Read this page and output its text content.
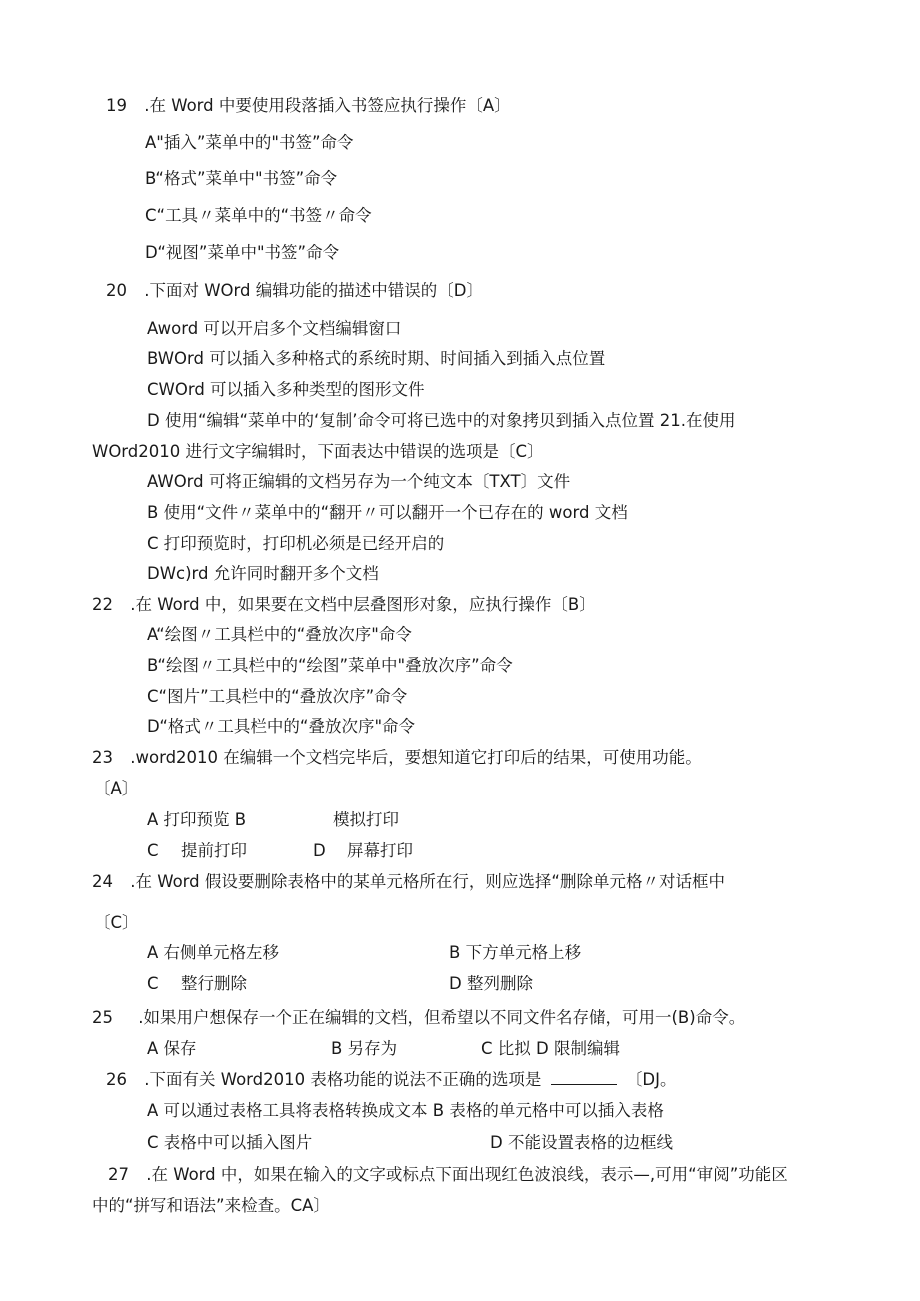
19 .在 Word 中要使用段落插入书签应执行操作〔A〕
A"插入”菜单中的"书签”命令
B“格式”菜单中"书签”命令
C“工具〃菜单中的“书签〃命令
D“视图”菜单中"书签”命令
20 .下面对 WOrd 编辑功能的描述中错误的〔D〕
Aword 可以开启多个文档编辑窗口
BWOrd 可以插入多种格式的系统时期、时间插入到插入点位置
CWOrd 可以插入多种类型的图形文件
D 使用“编辑“菜单中的‘复制’命令可将已选中的对象拷贝到插入点位置 21.在使用
WOrd2010 进行文字编辑时，下面表达中错误的选项是〔C〕
AWOrd 可将正编辑的文档另存为一个纯文本〔TXT〕文件
B 使用“文件〃菜单中的“翻开〃可以翻开一个已存在的 word 文档
C 打印预览时，打印机必须是已经开启的
DWc)rd 允许同时翻开多个文档
22 .在 Word 中，如果要在文档中层叠图形对象，应执行操作〔B〕
A“绘图〃工具栏中的“叠放次序"命令
B“绘图〃工具栏中的“绘图”菜单中"叠放次序”命令
C“图片”工具栏中的“叠放次序”命令
D“格式〃工具栏中的“叠放次序"命令
23 .word2010 在编辑一个文档完毕后，要想知道它打印后的结果，可使用功能。
〔A〕
A 打印预览 B	模拟打印
C 提前打印	D 屏幕打印
24 .在 Word 假设要删除表格中的某单元格所在行，则应选择“删除单元格〃对话框中
〔C〕
A 右侧单元格左移	B 下方单元格上移
C 整行删除	D 整列删除
25 .如果用户想保存一个正在编辑的文档，但希望以不同文件名存储，可用一(B)命令。
A 保存	B 另存为	C 比拟 D 限制编辑
26 .下面有关 Word2010 表格功能的说法不正确的选项是	〔DJ。
A 可以通过表格工具将表格转换成文本 B 表格的单元格中可以插入表格
C 表格中可以插入图片	D 不能设置表格的边框线
27 .在 Word 中，如果在输入的文字或标点下面出现红色波浪线，表示—,可用“审阅”功能区
中的“拼写和语法”来检查。CA〕
